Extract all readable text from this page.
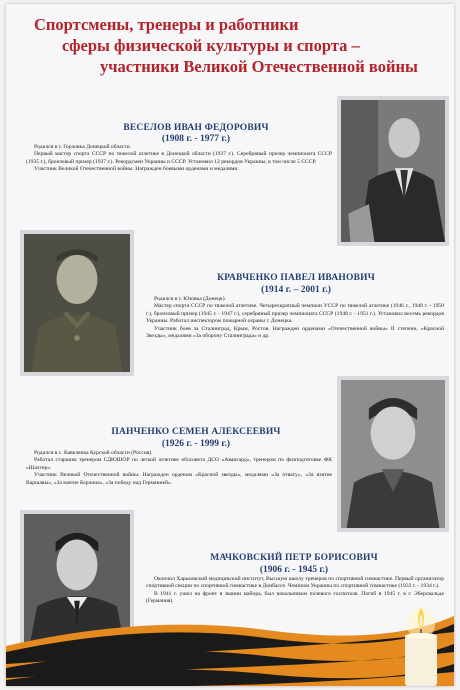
Спортсмены, тренеры и работники
сферы физической культуры и спорта –
участники Великой Отечественной войны
ВЕСЕЛОВ ИВАН ФЕДОРОВИЧ
(1908 г. - 1977 г.)

Родился в г. Горловка Донецкой области.

Первый мастер спорта СССР по тяжелой атлетике в Донецкой области (1937 г.). Серебряный призер чемпионата СССР (1935 г.), бронзовый призер (1937 г.). Рекордсмен Украины и СССР. Установил 12 рекордов Украины, в том числе 5 СССР.

Участник Великой Отечественной войны. Награжден боевыми орденами и медалями.

КРАВЧЕНКО ПАВЕЛ ИВАНОВИЧ
(1914 г. – 2001 г.)

Родился в г. Юзовка (Донецк).

Мастер спорта СССР по тяжелой атлетике. Четырехкратный чемпион УССР по тяжелой атлетике (1946 г., 1948 г. - 1950 г.), бронзовый призер (1945 г. - 1947 г.), серебряный призер чемпионата СССР (1948 г. - 1951 г.). Установил восемь рекордов Украины. Работал инспектором пожарной охраны г. Донецка.

Участник боев за Сталинград, Крым, Ростов. Награжден орденами «Отечественной войны» II степени, «Красной Звезды», медалями «За оборону Сталинграда» и др.

ПАНЧЕНКО СЕМЕН АЛЕКСЕЕВИЧ
(1926 г. - 1999 г.)

Родился в с. Кавеленка Курской области (Россия).

Работал старшим тренером СДЮШОР по легкой атлетике облсовета ДСО «Авангард», тренером по физподготовке ФК «Шахтер».

Участник Великой Отечественной войны. Награжден орденом «Красной звезды», медалями «За отвагу», «За взятие Варшавы», «За взятие Берлина», «За победу над Германией».

МАЧКОВСКИЙ ПЕТР БОРИСОВИЧ
(1906 г. - 1945 г.)

Окончил Харьковский медицинский институт, Высшую школу тренеров по спортивной гимнастике. Первый организатор спортивной секции по спортивной гимнастике в Донбассе. Чемпион Украины по спортивной гимнастике (1933 г. - 1934 г.).

В 1941 г. ушел на фронт в звании майора, был начальником полевого госпиталя. Погиб в 1945 г. в г. Эберсвальде (Германия).
